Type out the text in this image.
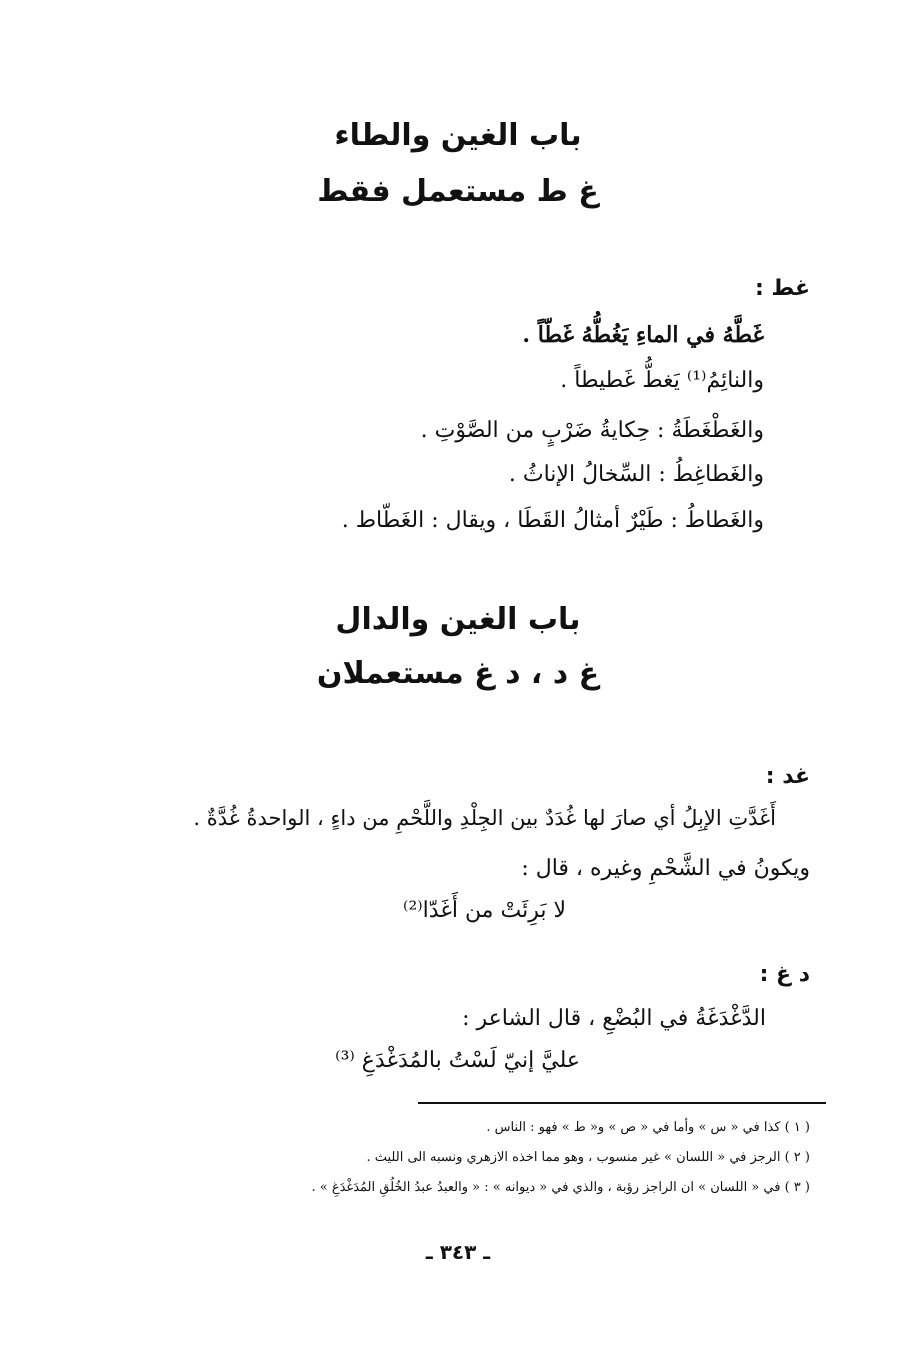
باب الغين والطاء
غ ط مستعمل فقط
غط :
غَطَّهُ في الماءِ يَغُطُّهُ غَطّاً .
والنائِمُ⁽¹⁾ يَغطُّ غَطيطاً .
والغَطْغَطَةُ : حِكايةُ ضَرْبٍ من الصَّوْتِ .
والغَطاغِطُ : السِّخالُ الإناثُ .
والغَطاطُ : طَيْرٌ أمثالُ القَطَا ، ويقال : الغَطّاط .
باب الغين والدال
غ د ، د غ مستعملان
غد :
أَغَدَّتِ الإبِلُ أي صارَ لها غُدَدٌ بين الجِلْدِ واللَّحْمِ من داءٍ ، الواحدةُ غُدَّةٌ .
ويكونُ في الشَّحْمِ وغيره ، قال :
لا بَرِئَتْ من أَغَدّا⁽²⁾
د غ :
الدَّغْدَغَةُ في البُضْعِ ، قال الشاعر :
عليَّ إنيّ لَسْتُ بالمُدَغْدَغِ ⁽³⁾
( ١ ) كذا في « س » وأما في « ص » و« ط » فهو : الناس .
( ٢ ) الرجز في « اللسان » غير منسوب ، وهو مما اخذه الازهري ونسبه الى الليث .
( ٣ ) في « اللسان » ان الراجز رؤبة ، والذي في « ديوانه » : « والعبدُ عبدُ الخُلُقِ المُدَغْدَغِ » .
ـ ٣٤٣ ـ
